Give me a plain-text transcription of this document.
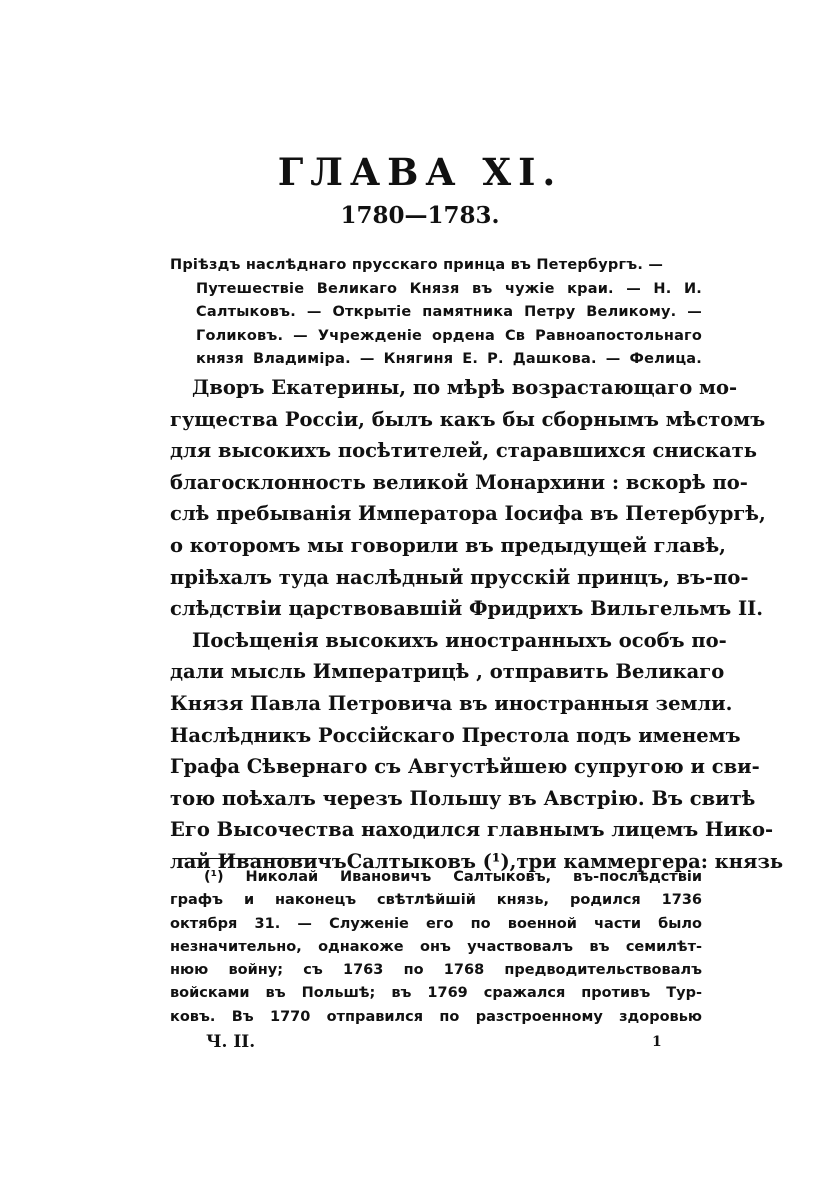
ГЛАВА XI.
1780—1783.
Прiѣздъ наслѣднаго прусскаго принца въ Петербургъ. —
Путешествiе Великаго Князя въ чужiе краи. — Н. И.
Салтыковъ. — Открытiе памятника Петру Великому. —
Голиковъ. — Учрежденiе ордена Св Равноапостольнаго
князя Владимiра. — Княгиня Е. Р. Дашкова. — Фелица.
Дворъ Екатерины, по мѣрѣ возрастающаго мо-
гущества Россiи, былъ какъ бы сборнымъ мѣстомъ
для высокихъ посѣтителей, старавшихся снискать
благосклонность великой Монархини : вскорѣ по-
слѣ пребыванiя Императора Iосифа въ Петербургѣ,
о которомъ мы говорили въ предыдущей главѣ,
прiѣхалъ туда наслѣдный прусскiй принцъ, въ-по-
слѣдствiи царствовавшiй Фридрихъ Вильгельмъ II.
Посѣщенiя высокихъ иностранныхъ особъ по-
дали мысль Императрицѣ , отправить Великаго
Князя Павла Петровича въ иностранныя земли.
Наслѣдникъ Россiйскаго Престола подъ именемъ
Графа Сѣвернаго съ Августѣйшею супругою и сви-
тою поѣхалъ черезъ Польшу въ Австрiю. Въ свитѣ
Его Высочества находился главнымъ лицемъ Нико-
лай ИвановичъСалтыковъ (¹),три каммергера: князь
(¹) Николай Ивановичъ Салтыковъ, въ-послѣдствiи
графъ и наконецъ свѣтлѣйшiй князь, родился 1736
октября 31. — Служенiе его по военной части было
незначительно, однакоже онъ участвовалъ въ семилѣт-
нюю войну; съ 1763 по 1768 предводительствовалъ
войсками въ Польшѣ; въ 1769 сражался противъ Тур-
ковъ. Въ 1770 отправился по разстроенному здоровью
Ч. II.	1
